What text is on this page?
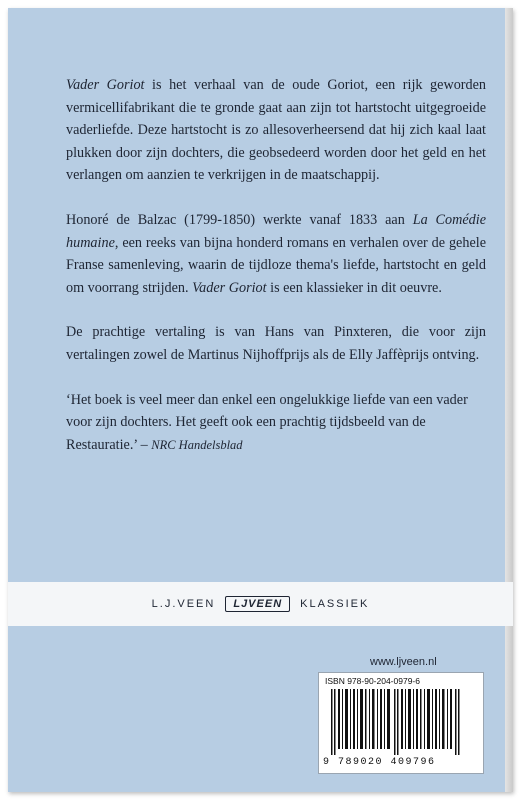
Vader Goriot is het verhaal van de oude Goriot, een rijk geworden vermicellifabrikant die te gronde gaat aan zijn tot hartstocht uitgegroeide vaderliefde. Deze hartstocht is zo allesoverheersend dat hij zich kaal laat plukken door zijn dochters, die geobsedeerd worden door het geld en het verlangen om aanzien te verkrijgen in de maatschappij.

Honoré de Balzac (1799-1850) werkte vanaf 1833 aan La Comédie humaine, een reeks van bijna honderd romans en verhalen over de gehele Franse samenleving, waarin de tijdloze thema's liefde, hartstocht en geld om voorrang strijden. Vader Goriot is een klassieker in dit oeuvre.

De prachtige vertaling is van Hans van Pinxteren, die voor zijn vertalingen zowel de Martinus Nijhoffprijs als de Elly Jaffèprijs ontving.

‘Het boek is veel meer dan enkel een ongelukkige liefde van een vader voor zijn dochters. Het geeft ook een prachtig tijdsbeeld van de Restauratie.’ – NRC Handelsblad

L.J.VEEN	LJVEEN	KLASSIEK
www.ljveen.nl
ISBN 978-90-204-0979-6
9 789020 409796
